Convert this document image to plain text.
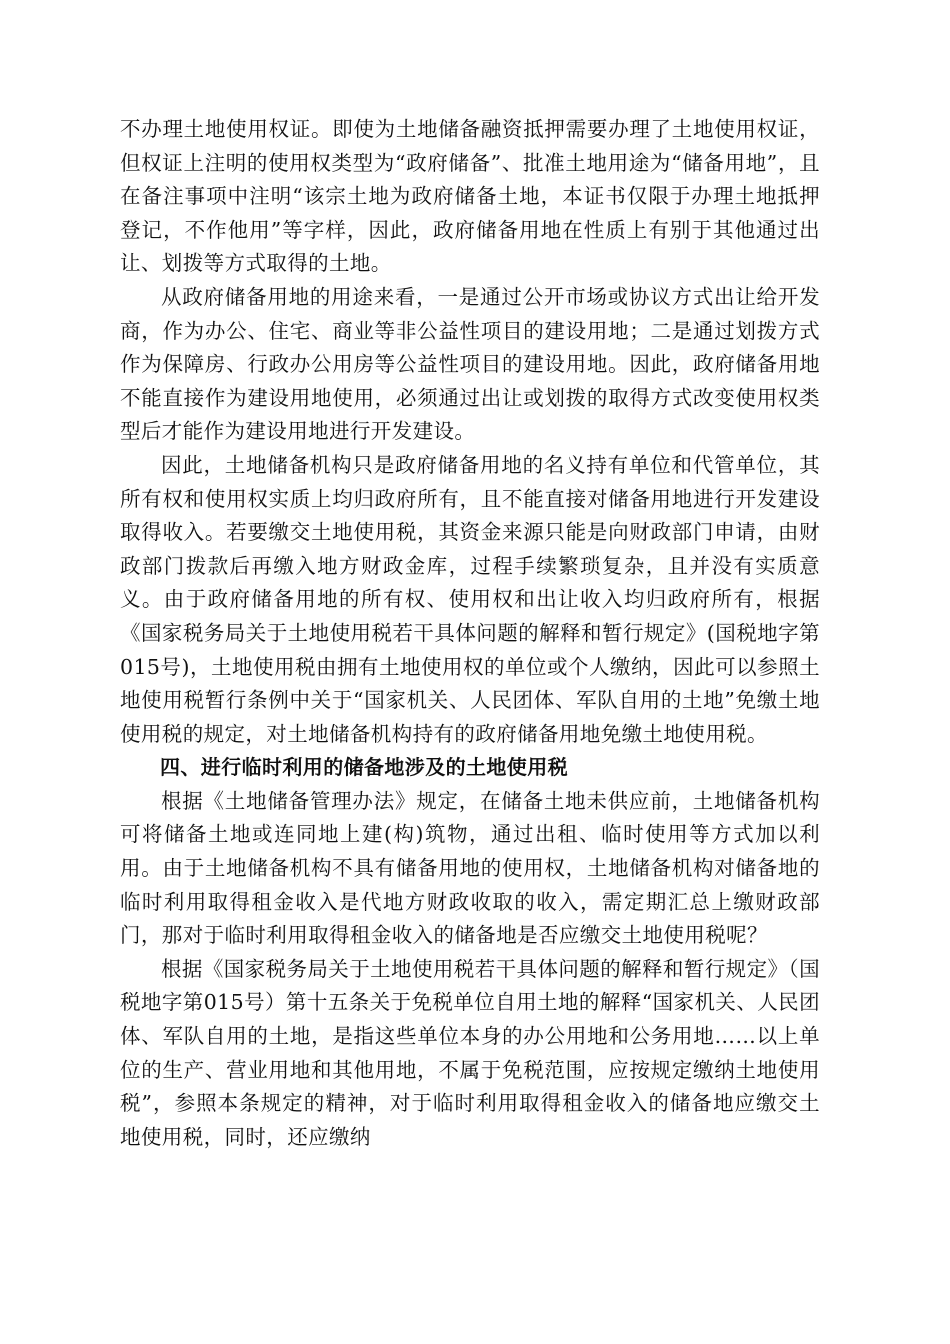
不办理土地使用权证。即使为土地储备融资抵押需要办理了土地使用权证，但权证上注明的使用权类型为“政府储备”、批准土地用途为“储备用地”，且在备注事项中注明“该宗土地为政府储备土地，本证书仅限于办理土地抵押登记，不作他用”等字样，因此，政府储备用地在性质上有别于其他通过出让、划拨等方式取得的土地。

从政府储备用地的用途来看，一是通过公开市场或协议方式出让给开发商，作为办公、住宅、商业等非公益性项目的建设用地；二是通过划拨方式作为保障房、行政办公用房等公益性项目的建设用地。因此，政府储备用地不能直接作为建设用地使用，必须通过出让或划拨的取得方式改变使用权类型后才能作为建设用地进行开发建设。

因此，土地储备机构只是政府储备用地的名义持有单位和代管单位，其所有权和使用权实质上均归政府所有，且不能直接对储备用地进行开发建设取得收入。若要缴交土地使用税，其资金来源只能是向财政部门申请，由财政部门拨款后再缴入地方财政金库，过程手续繁琐复杂，且并没有实质意义。由于政府储备用地的所有权、使用权和出让收入均归政府所有，根据《国家税务局关于土地使用税若干具体问题的解释和暂行规定》(国税地字第015号)，土地使用税由拥有土地使用权的单位或个人缴纳，因此可以参照土地使用税暂行条例中关于“国家机关、人民团体、军队自用的土地”免缴土地使用税的规定，对土地储备机构持有的政府储备用地免缴土地使用税。

四、进行临时利用的储备地涉及的土地使用税

根据《土地储备管理办法》规定，在储备土地未供应前，土地储备机构可将储备土地或连同地上建(构)筑物，通过出租、临时使用等方式加以利用。由于土地储备机构不具有储备用地的使用权，土地储备机构对储备地的临时利用取得租金收入是代地方财政收取的收入，需定期汇总上缴财政部门，那对于临时利用取得租金收入的储备地是否应缴交土地使用税呢？

根据《国家税务局关于土地使用税若干具体问题的解释和暂行规定》（国税地字第015号）第十五条关于免税单位自用土地的解释“国家机关、人民团体、军队自用的土地，是指这些单位本身的办公用地和公务用地……以上单位的生产、营业用地和其他用地，不属于免税范围，应按规定缴纳土地使用税”，参照本条规定的精神，对于临时利用取得租金收入的储备地应缴交土地使用税，同时，还应缴纳
